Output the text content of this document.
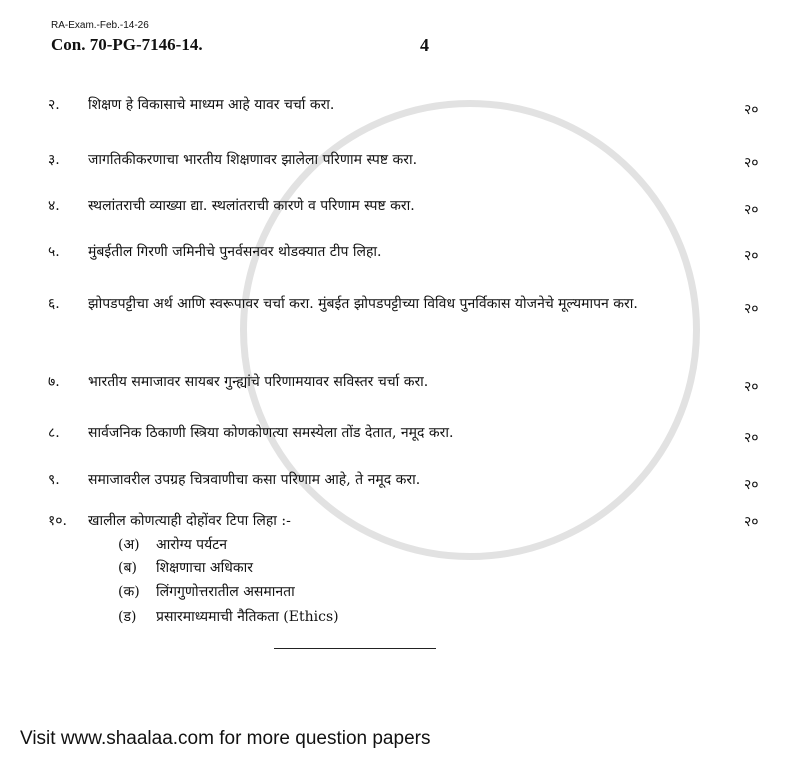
RA-Exam.-Feb.-14-26
Con. 70-PG-7146-14.	4
२.	शिक्षण हे विकासाचे माध्यम आहे यावर चर्चा करा.	२०
३.	जागतिकीकरणाचा भारतीय शिक्षणावर झालेला परिणाम स्पष्ट करा.	२०
४.	स्थलांतराची व्याख्या द्या. स्थलांतराची कारणे व परिणाम स्पष्ट करा.	२०
५.	मुंबईतील गिरणी जमिनीचे पुनर्वसनवर थोडक्यात टीप लिहा.	२०
६.	झोपडपट्टीचा अर्थ आणि स्वरूपावर चर्चा करा. मुंबईत झोपडपट्टीच्या विविध पुनर्विकास योजनेचे मूल्यमापन करा.	२०
७.	भारतीय समाजावर सायबर गुन्ह्यांचे परिणामयावर सविस्तर चर्चा करा.	२०
८.	सार्वजनिक ठिकाणी स्त्रिया कोणकोणत्या समस्येला तोंड देतात, नमूद करा.	२०
९.	समाजावरील उपग्रह चित्रवाणीचा कसा परिणाम आहे, ते नमूद करा.	२०
१०.	खालील कोणत्याही दोहोंवर टिपा लिहा :-	२०
(अ) आरोग्य पर्यटन
(ब) शिक्षणाचा अधिकार
(क) लिंगगुणोत्तरातील असमानता
(ड) प्रसारमाध्यमाची नैतिकता (Ethics)
Visit www.shaalaa.com for more question papers
